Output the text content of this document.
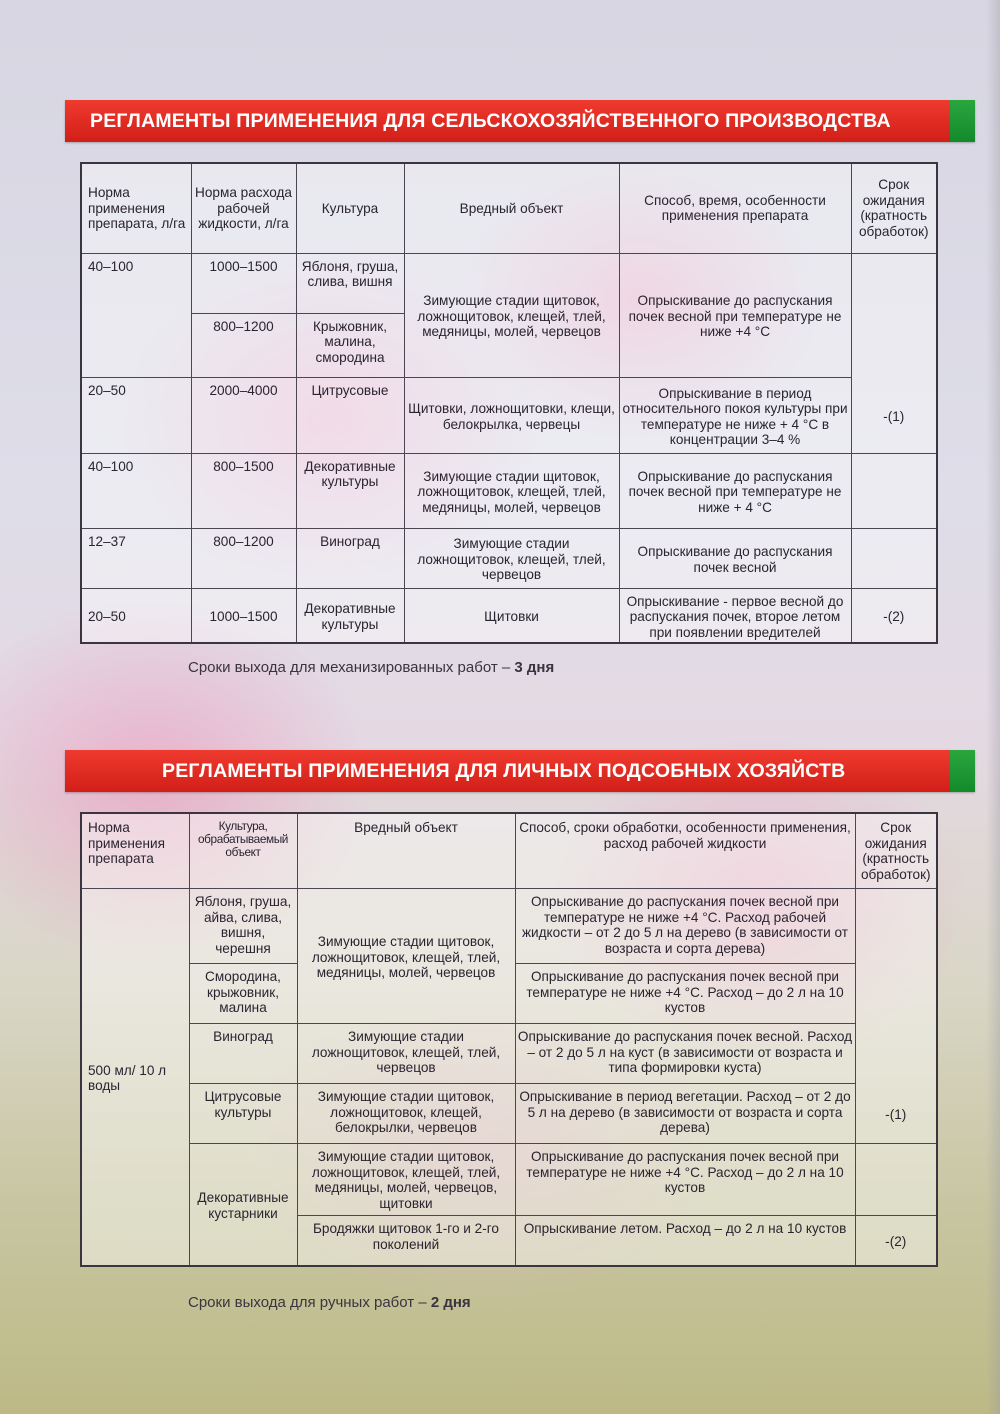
РЕГЛАМЕНТЫ ПРИМЕНЕНИЯ ДЛЯ СЕЛЬСКОХОЗЯЙСТВЕННОГО ПРОИЗВОДСТВА
Норма применения препарата, л/га	Норма расхода рабочей жидкости, л/га	Культура	Вредный объект	Способ, время, особенности применения препарата	Срок ожидания (кратность обработок)
40–100	1000–1500	Яблоня, груша, слива, вишня	Зимующие стадии щитовок, ложнощитовок, клещей, тлей, медяницы, молей, червецов	Опрыскивание до распускания почек весной при температуре не ниже +4 °С	
	800–1200	Крыжовник, малина, смородина			
20–50	2000–4000	Цитрусовые	Щитовки, ложнощитовки, клещи, белокрылка, червецы	Опрыскивание в период относительного покоя культуры при температуре не ниже + 4 °С в концентрации 3–4 %	-(1)
40–100	800–1500	Декоративные культуры	Зимующие стадии щитовок, ложнощитовок, клещей, тлей, медяницы, молей, червецов	Опрыскивание до распускания почек весной при температуре не ниже + 4 °С	
12–37	800–1200	Виноград	Зимующие стадии ложнощитовок, клещей, тлей, червецов	Опрыскивание до распускания почек весной	
20–50	1000–1500	Декоративные культуры	Щитовки	Опрыскивание - первое весной до распускания почек, второе летом при появлении вредителей	-(2)
Сроки выхода для механизированных работ – 3 дня
РЕГЛАМЕНТЫ ПРИМЕНЕНИЯ ДЛЯ ЛИЧНЫХ ПОДСОБНЫХ ХОЗЯЙСТВ
Норма применения препарата	Культура, обрабатываемый объект	Вредный объект	Способ, сроки обработки, особенности применения, расход рабочей жидкости	Срок ожидания (кратность обработок)
500 мл/ 10 л воды	Яблоня, груша, айва, слива, вишня, черешня	Зимующие стадии щитовок, ложнощитовок, клещей, тлей, медяницы, молей, червецов	Опрыскивание до распускания почек весной при температуре не ниже +4 °С. Расход рабочей жидкости – от 2 до 5 л на дерево (в зависимости от возраста и сорта дерева)	
	Смородина, крыжовник, малина		Опрыскивание до распускания почек весной при температуре не ниже +4 °С. Расход – до 2 л на 10 кустов	
	Виноград	Зимующие стадии ложнощитовок, клещей, тлей, червецов	Опрыскивание до распускания почек весной. Расход – от 2 до 5 л на куст (в зависимости от возраста и типа формировки куста)	
	Цитрусовые культуры	Зимующие стадии щитовок, ложнощитовок, клещей, белокрылки, червецов	Опрыскивание в период вегетации. Расход – от 2 до 5 л на дерево (в зависимости от возраста и сорта дерева)	-(1)
	Декоративные кустарники	Зимующие стадии щитовок, ложнощитовок, клещей, тлей, медяницы, молей, червецов, щитовки	Опрыскивание до распускания почек весной при температуре не ниже +4 °С. Расход – до 2 л на 10 кустов	
		Бродяжки щитовок 1-го и 2-го поколений	Опрыскивание летом. Расход – до 2 л на 10 кустов	-(2)
Сроки выхода для ручных работ – 2 дня
